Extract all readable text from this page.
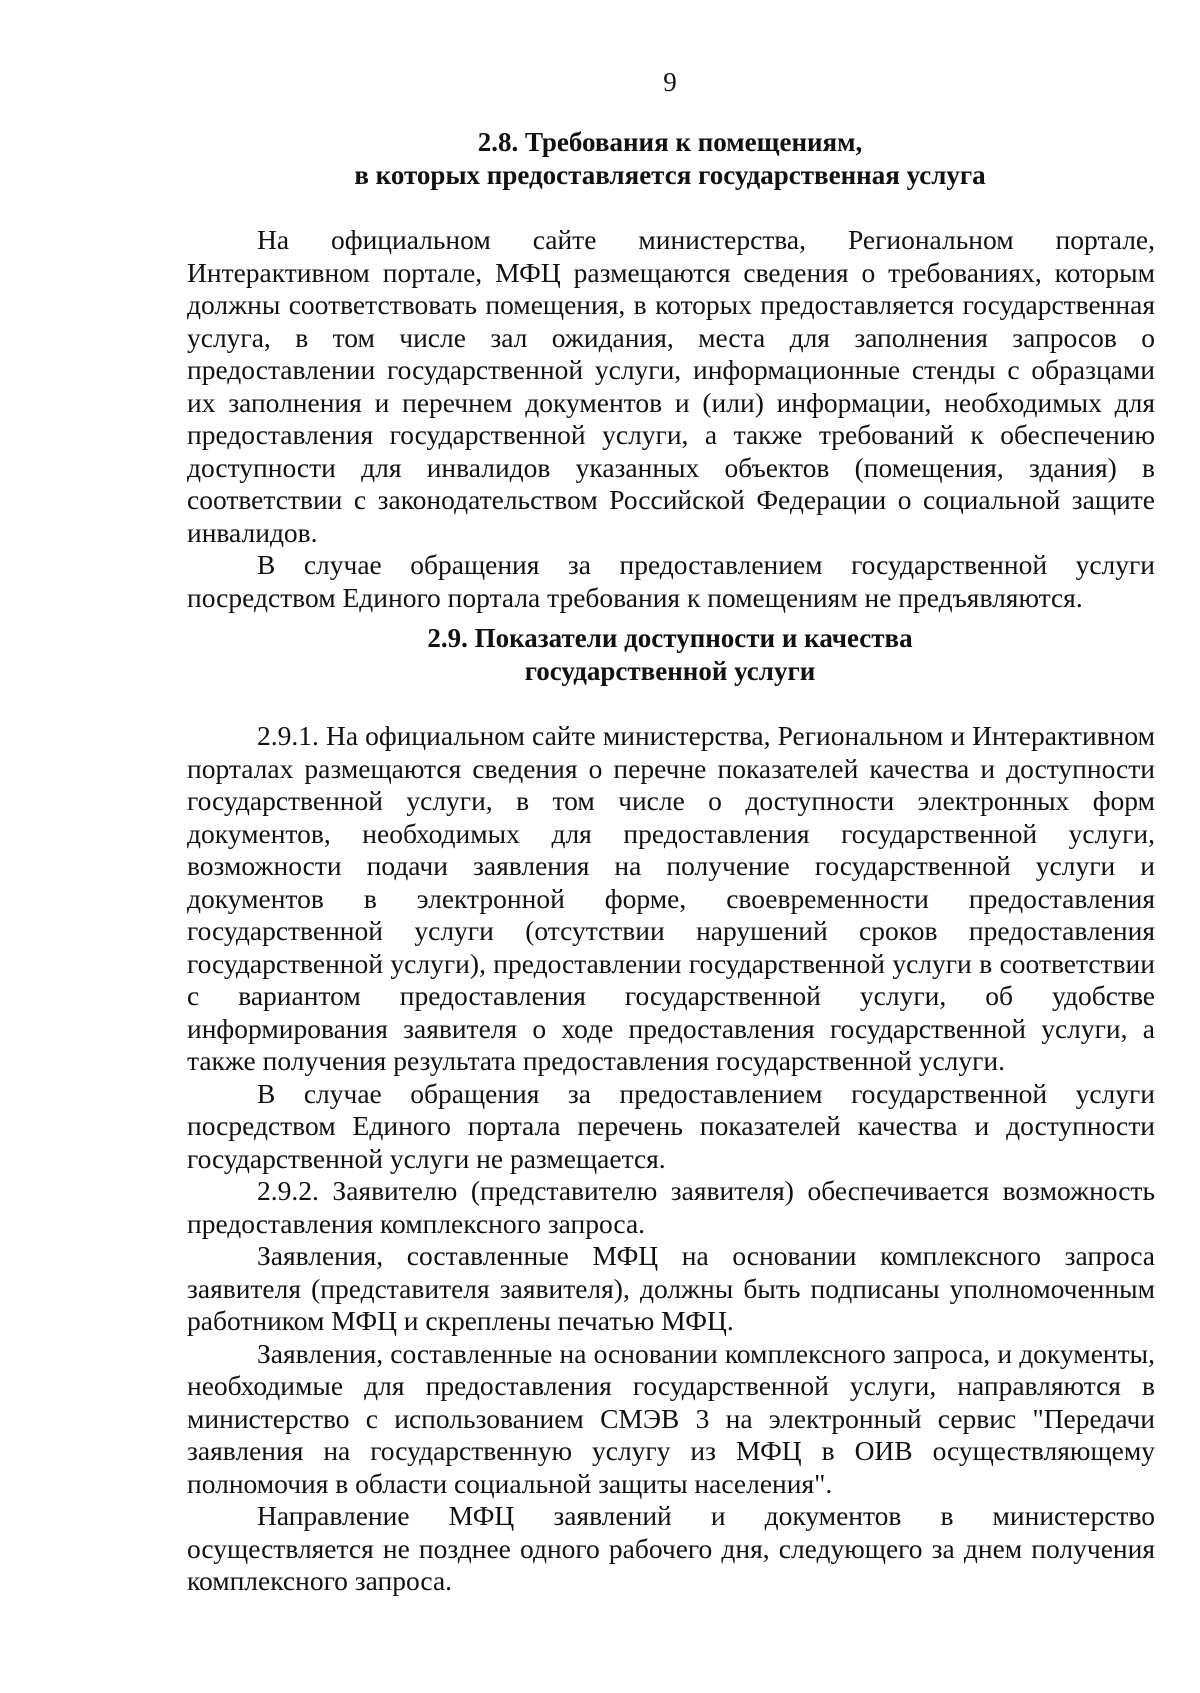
9
2.8. Требования к помещениям,
в которых предоставляется государственная услуга

На официальном сайте министерства, Региональном портале, Интерактивном портале, МФЦ размещаются сведения о требованиях, которым должны соответствовать помещения, в которых предоставляется государственная услуга, в том числе зал ожидания, места для заполнения запросов о предоставлении государственной услуги, информационные стенды с образцами их заполнения и перечнем документов и (или) информации, необходимых для предоставления государственной услуги, а также требований к обеспечению доступности для инвалидов указанных объектов (помещения, здания) в соответствии с законодательством Российской Федерации о социальной защите инвалидов.

В случае обращения за предоставлением государственной услуги посредством Единого портала требования к помещениям не предъявляются.

2.9. Показатели доступности и качества
государственной услуги

2.9.1. На официальном сайте министерства, Региональном и Интерактивном порталах размещаются сведения о перечне показателей качества и доступности государственной услуги, в том числе о доступности электронных форм документов, необходимых для предоставления государственной услуги, возможности подачи заявления на получение государственной услуги и документов в электронной форме, своевременности предоставления государственной услуги (отсутствии нарушений сроков предоставления государственной услуги), предоставлении государственной услуги в соответствии с вариантом предоставления государственной услуги, об удобстве информирования заявителя о ходе предоставления государственной услуги, а также получения результата предоставления государственной услуги.

В случае обращения за предоставлением государственной услуги посредством Единого портала перечень показателей качества и доступности государственной услуги не размещается.

2.9.2. Заявителю (представителю заявителя) обеспечивается возможность предоставления комплексного запроса.

Заявления, составленные МФЦ на основании комплексного запроса заявителя (представителя заявителя), должны быть подписаны уполномоченным работником МФЦ и скреплены печатью МФЦ.

Заявления, составленные на основании комплексного запроса, и документы, необходимые для предоставления государственной услуги, направляются в министерство с использованием СМЭВ 3 на электронный сервис "Передачи заявления на государственную услугу из МФЦ в ОИВ осуществляющему полномочия в области социальной защиты населения".

Направление МФЦ заявлений и документов в министерство осуществляется не позднее одного рабочего дня, следующего за днем получения комплексного запроса.
